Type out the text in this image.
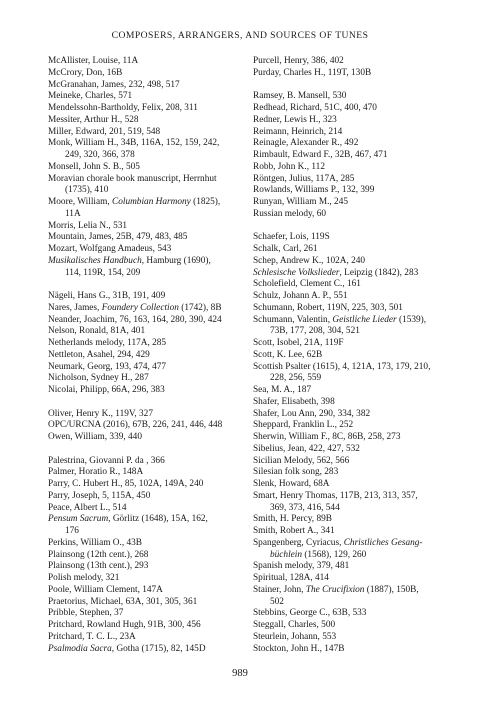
COMPOSERS, ARRANGERS, AND SOURCES OF TUNES
McAllister, Louise, 11A
McCrory, Don, 16B
McGranahan, James, 232, 498, 517
Meineke, Charles, 571
Mendelssohn-Bartholdy, Felix, 208, 311
Messiter, Arthur H., 528
Miller, Edward, 201, 519, 548
Monk, William H., 34B, 116A, 152, 159, 242,
249, 320, 366, 378
Monsell, John S. B., 505
Moravian chorale book manuscript, Herrnhut
(1735), 410
Moore, William, Columbian Harmony (1825),
11A
Morris, Lelia N., 531
Mountain, James, 25B, 479, 483, 485
Mozart, Wolfgang Amadeus, 543
Musikalisches Handbuch, Hamburg (1690),
114, 119R, 154, 209
Nägeli, Hans G., 31B, 191, 409
Nares, James, Foundery Collection (1742), 8B
Neander, Joachim, 76, 163, 164, 280, 390, 424
Nelson, Ronald, 81A, 401
Netherlands melody, 117A, 285
Nettleton, Asahel, 294, 429
Neumark, Georg, 193, 474, 477
Nicholson, Sydney H., 287
Nicolai, Philipp, 66A, 296, 383
Oliver, Henry K., 119V, 327
OPC/URCNA (2016), 67B, 226, 241, 446, 448
Owen, William, 339, 440
Palestrina, Giovanni P. da , 366
Palmer, Horatio R., 148A
Parry, C. Hubert H., 85, 102A, 149A, 240
Parry, Joseph, 5, 115A, 450
Peace, Albert L., 514
Pensum Sacrum, Görlitz (1648), 15A, 162,
176
Perkins, William O., 43B
Plainsong (12th cent.), 268
Plainsong (13th cent.), 293
Polish melody, 321
Poole, William Clement, 147A
Praetorius, Michael, 63A, 301, 305, 361
Pribble, Stephen, 37
Pritchard, Rowland Hugh, 91B, 300, 456
Pritchard, T. C. L., 23A
Psalmodia Sacra, Gotha (1715), 82, 145D
Purcell, Henry, 386, 402
Purday, Charles H., 119T, 130B
Ramsey, B. Mansell, 530
Redhead, Richard, 51C, 400, 470
Redner, Lewis H., 323
Reimann, Heinrich, 214
Reinagle, Alexander R., 492
Rimbault, Edward F., 32B, 467, 471
Robb, John K., 112
Röntgen, Julius, 117A, 285
Rowlands, Williams P., 132, 399
Runyan, William M., 245
Russian melody, 60
Schaefer, Lois, 119S
Schalk, Carl, 261
Schep, Andrew K., 102A, 240
Schlesische Volkslieder, Leipzig (1842), 283
Scholefield, Clement C., 161
Schulz, Johann A. P., 551
Schumann, Robert, 119N, 225, 303, 501
Schumann, Valentin, Geistliche Lieder (1539),
73B, 177, 208, 304, 521
Scott, Isobel, 21A, 119F
Scott, K. Lee, 62B
Scottish Psalter (1615), 4, 121A, 173, 179, 210,
228, 256, 559
Sea, M. A., 187
Shafer, Elisabeth, 398
Shafer, Lou Ann, 290, 334, 382
Sheppard, Franklin L., 252
Sherwin, William F., 8C, 86B, 258, 273
Sibelius, Jean, 422, 427, 532
Sicilian Melody, 562, 566
Silesian folk song, 283
Slenk, Howard, 68A
Smart, Henry Thomas, 117B, 213, 313, 357,
369, 373, 416, 544
Smith, H. Percy, 89B
Smith, Robert A., 341
Spangenberg, Cyriacus, Christliches Gesang-
büchlein (1568), 129, 260
Spanish melody, 379, 481
Spiritual, 128A, 414
Stainer, John, The Crucifixion (1887), 150B,
502
Stebbins, George C., 63B, 533
Steggall, Charles, 500
Steurlein, Johann, 553
Stockton, John H., 147B
989
